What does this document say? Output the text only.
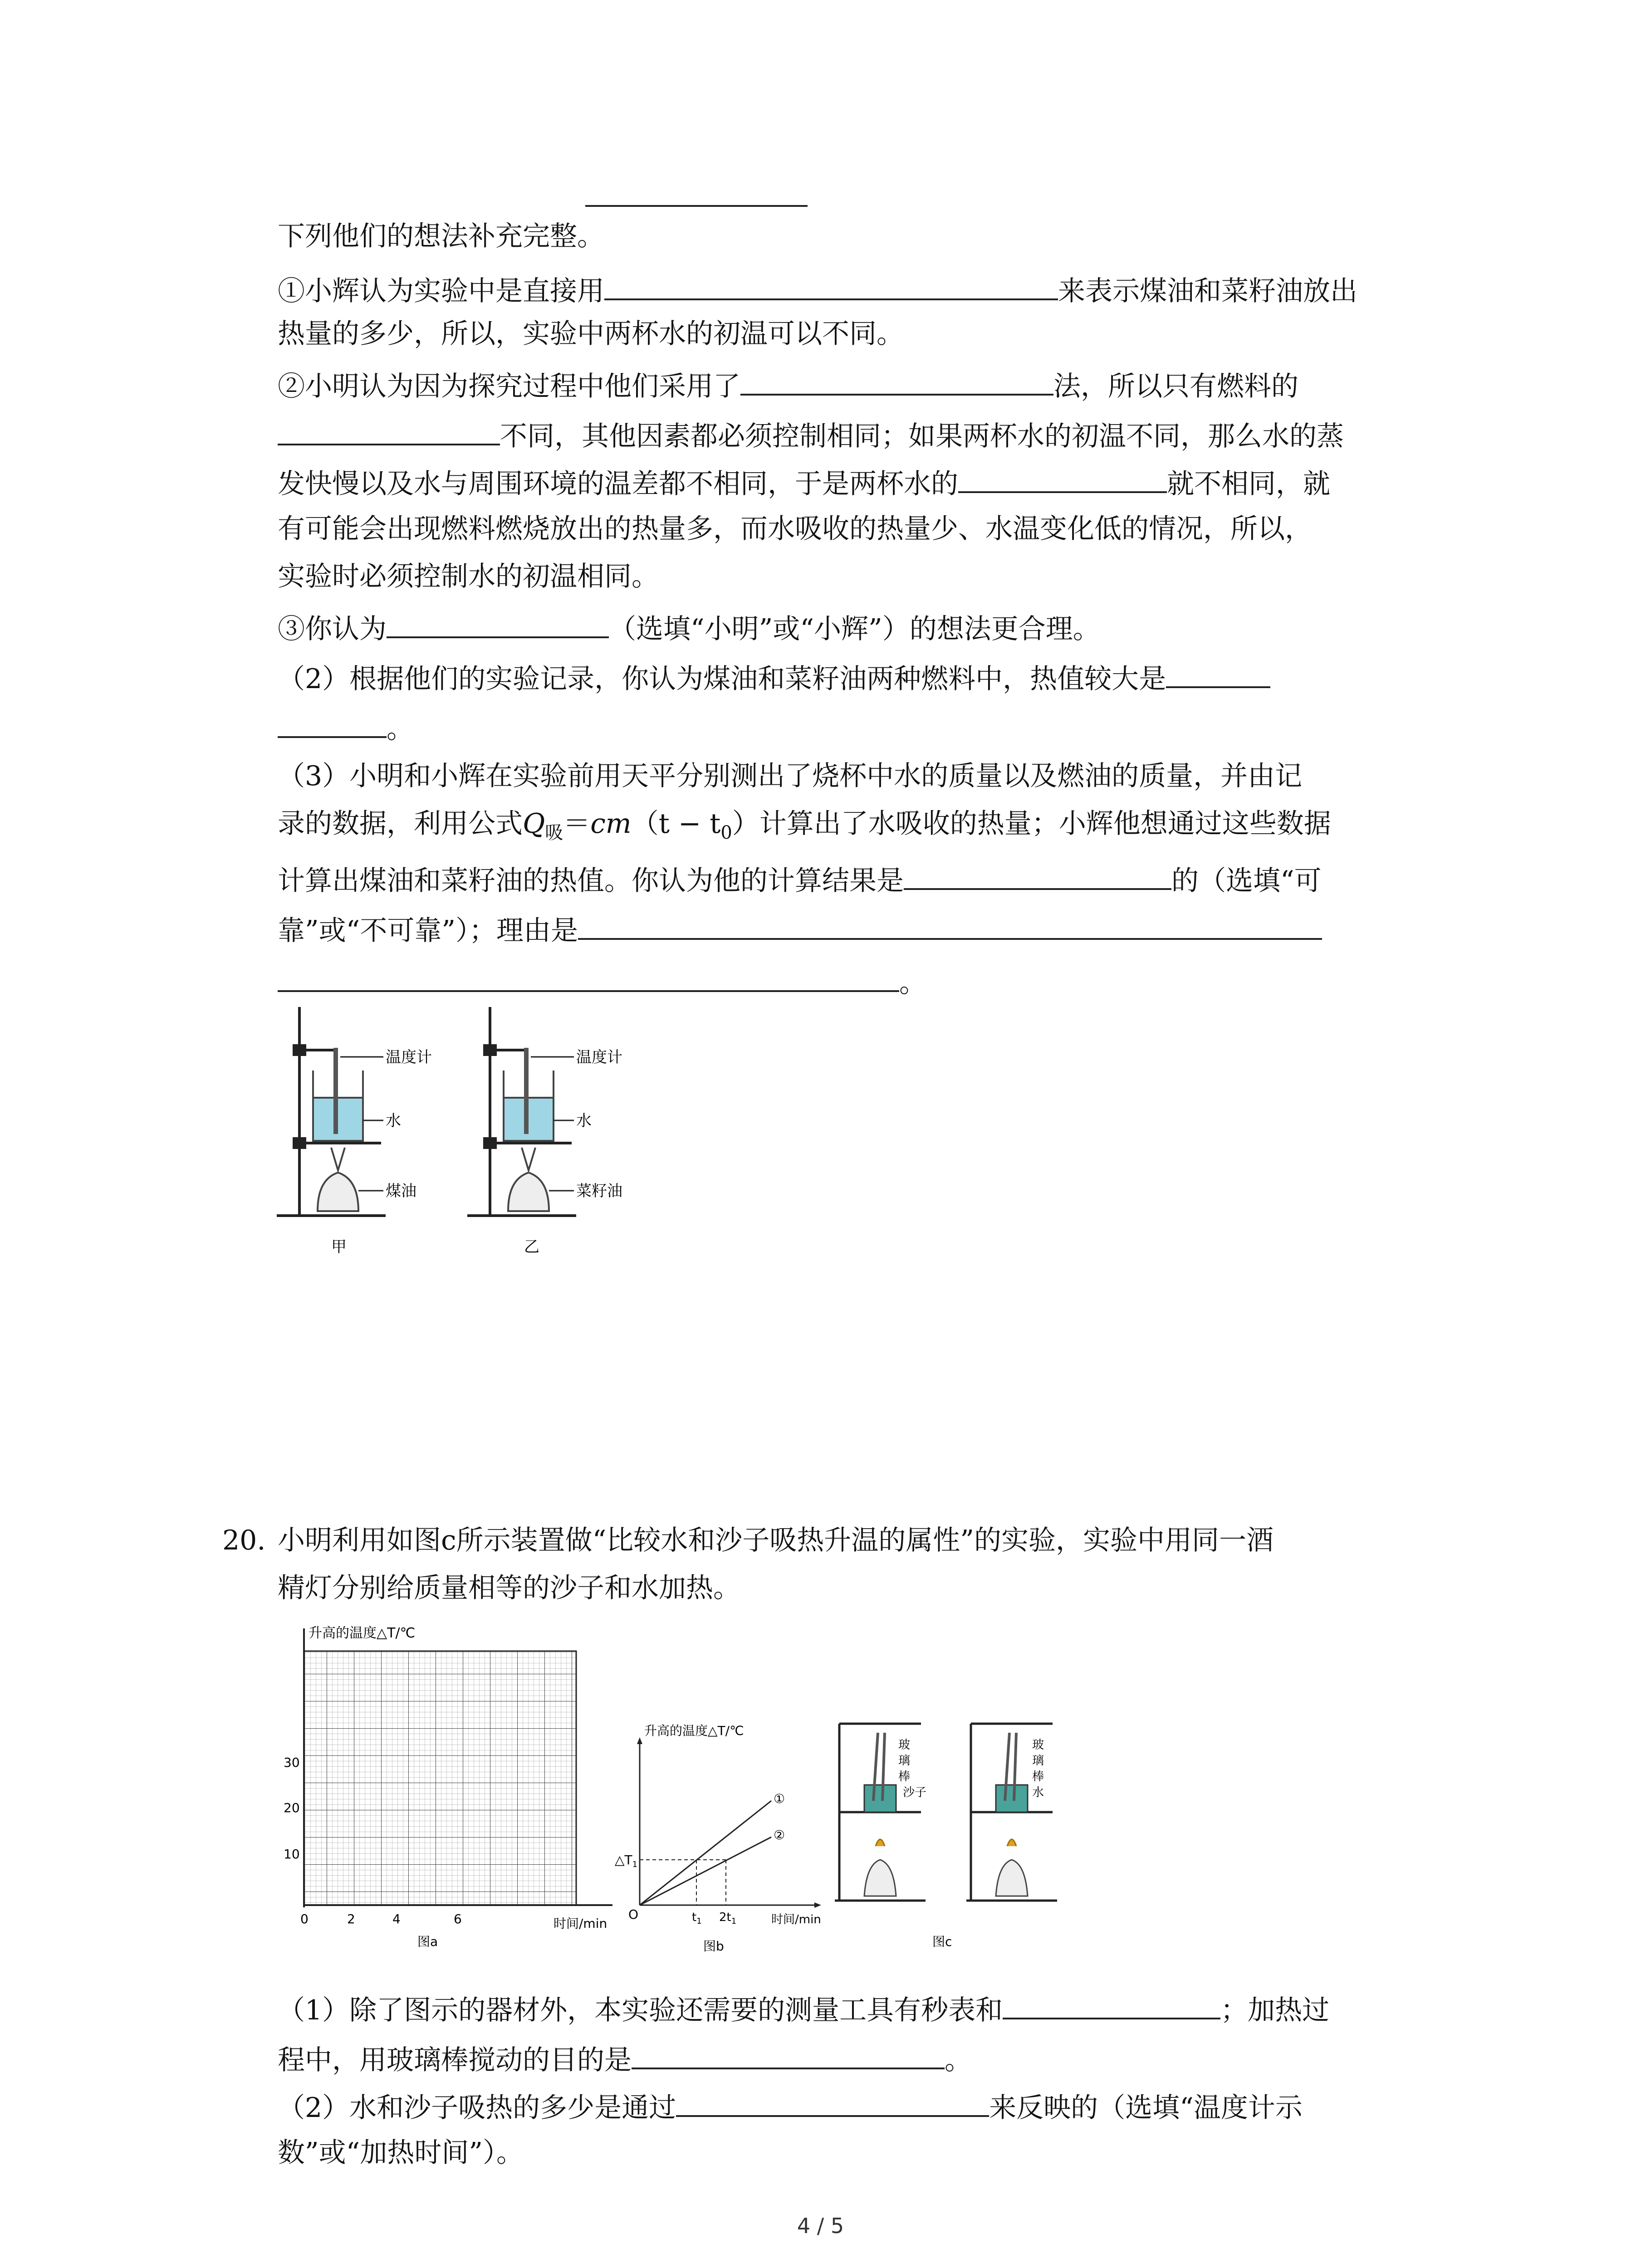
下列他们的想法补充完整。
①小辉认为实验中是直接用	来表示煤油和菜籽油放出
热量的多少，所以，实验中两杯水的初温可以不同。
②小明认为因为探究过程中他们采用了	法，所以只有燃料的
不同，其他因素都必须控制相同；如果两杯水的初温不同，那么水的蒸
发快慢以及水与周围环境的温差都不相同，于是两杯水的	就不相同，就
有可能会出现燃料燃烧放出的热量多，而水吸收的热量少、水温变化低的情况，所以，
实验时必须控制水的初温相同。
③你认为	（选填“小明”或“小辉”）的想法更合理。
（2）根据他们的实验记录，你认为煤油和菜籽油两种燃料中，热值较大是
。
（3）小明和小辉在实验前用天平分别测出了烧杯中水的质量以及燃油的质量，并由记
录的数据，利用公式$Q_吸=cm(t - t_0)$计算出了水吸收的热量；小辉他想通过这些数据
计算出煤油和菜籽油的热值。你认为他的计算结果是	的（选填“可
靠”或“不可靠”）；理由是
。
温度计
水
煤油
甲
温度计
水
菜籽油
乙
20. 小明利用如图c所示装置做“比较水和沙子吸热升温的属性”的实验，实验中用同一酒
精灯分别给质量相等的沙子和水加热。
升高的温度△T/℃
时间/min
10
20
30
0	2	4	6
图a
升高的温度△T/℃
时间/min
O
$\triangle T_1$
$t_1$ $2t_1$
①
②
图b
沙子
玻
璃
棒
玻
璃
棒
水
图c
（1）除了图示的器材外，本实验还需要的测量工具有秒表和	；加热过
程中，用玻璃棒搅动的目的是	。
（2）水和沙子吸热的多少是通过	来反映的（选填“温度计示
数”或“加热时间”）。
4 / 5
